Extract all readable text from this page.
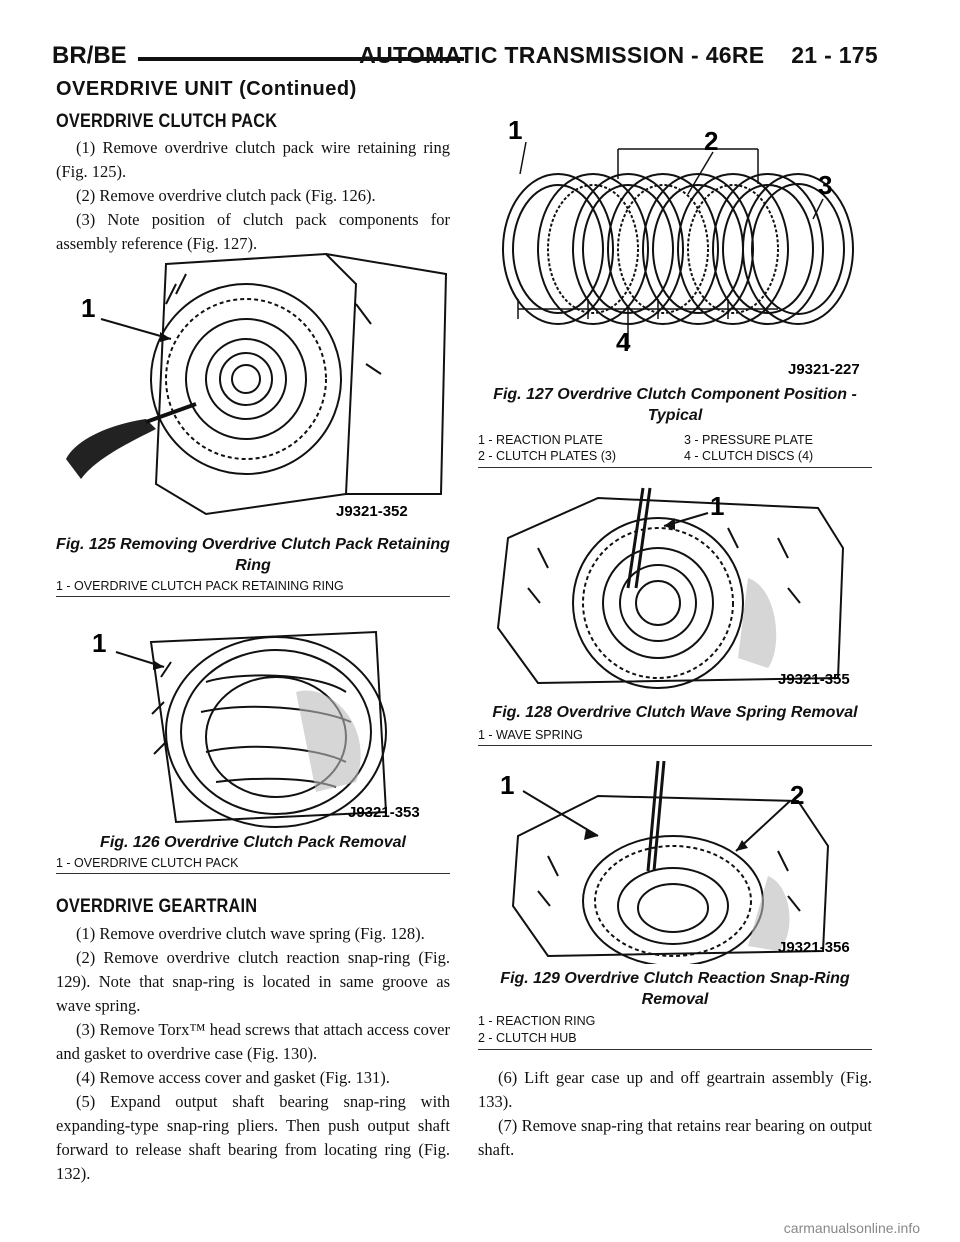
BR/BE	AUTOMATIC TRANSMISSION - 46RE    21 - 175
OVERDRIVE UNIT (Continued)
OVERDRIVE CLUTCH PACK

(1) Remove overdrive clutch pack wire retaining ring (Fig. 125).

(2) Remove overdrive clutch pack (Fig. 126).

(3) Note position of clutch pack components for assembly reference (Fig. 127).

1
J9321-352
Fig. 125 Removing Overdrive Clutch Pack Retaining Ring
1 - OVERDRIVE CLUTCH PACK RETAINING RING
1
J9321-353
Fig. 126 Overdrive Clutch Pack Removal
1 - OVERDRIVE CLUTCH PACK
OVERDRIVE GEARTRAIN

(1) Remove overdrive clutch wave spring (Fig. 128).

(2) Remove overdrive clutch reaction snap-ring (Fig. 129). Note that snap-ring is located in same groove as wave spring.

(3) Remove Torx™ head screws that attach access cover and gasket to overdrive case (Fig. 130).

(4) Remove access cover and gasket (Fig. 131).

(5) Expand output shaft bearing snap-ring with expanding-type snap-ring pliers. Then push output shaft forward to release shaft bearing from locating ring (Fig. 132).

1	2
3
4
J9321-227
Fig. 127 Overdrive Clutch Component Position - Typical
1 - REACTION PLATE	3 - PRESSURE PLATE
2 - CLUTCH PLATES (3)	4 - CLUTCH DISCS (4)
1
J9321-355
Fig. 128 Overdrive Clutch Wave Spring Removal
1 - WAVE SPRING
1	2
J9321-356
Fig. 129 Overdrive Clutch Reaction Snap-Ring Removal
1 - REACTION RING
2 - CLUTCH HUB

(6) Lift gear case up and off geartrain assembly (Fig. 133).

(7) Remove snap-ring that retains rear bearing on output shaft.

carmanualsonline.info
